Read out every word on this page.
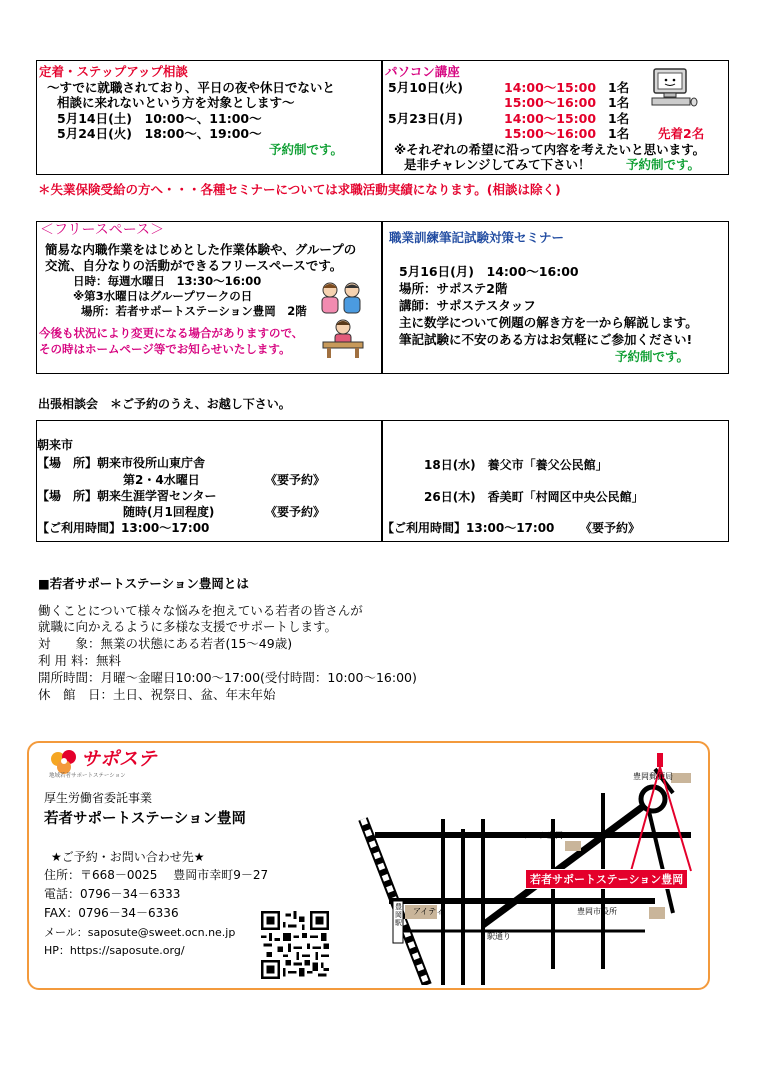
定着・ステップアップ相談
～すでに就職されており、平日の夜や休日でないと
相談に来れないという方を対象とします～
5月14日(土)　10:00～、11:00～
5月24日(火)　18:00～、19:00～
予約制です。
パソコン講座
5月10日(火)	14:00～15:00 1名
15:00～16:00 1名
5月23日(月)	14:00～15:00 1名
15:00～16:00 1名 先着2名
※それぞれの希望に沿って内容を考えたいと思います。
是非チャレンジしてみて下さい！	予約制です。
＊失業保険受給の方へ・・・各種セミナーについては求職活動実績になります。(相談は除く)
＜フリースペース＞
簡易な内職作業をはじめとした作業体験や、グループの
交流、自分なりの活動ができるフリースペースです。
日時：毎週水曜日　13:30～16:00
※第3水曜日はグループワークの日
場所：若者サポートステーション豊岡　2階
今後も状況により変更になる場合がありますので、
その時はホームページ等でお知らせいたします。
職業訓練筆記試験対策セミナー
5月16日(月)　14:00～16:00
場所：サポステ2階
講師：サポステスタッフ
主に数学について例題の解き方を一から解説します。
筆記試験に不安のある方はお気軽にご参加ください!
予約制です。
出張相談会　＊ご予約のうえ、お越し下さい。
朝来市
【場　所】朝来市役所山東庁舎
第2・4水曜日	《要予約》
【場　所】朝来生涯学習センター
随時(月1回程度)	《要予約》
【ご利用時間】13:00～17:00
18日(水)　養父市「養父公民館」
26日(木)　香美町「村岡区中央公民館」
【ご利用時間】13:00～17:00 《要予約》
■若者サポートステーション豊岡とは
働くことについて様々な悩みを抱えている若者の皆さんが
就職に向かえるように多様な支援でサポートします。
対　　象：無業の状態にある若者(15～49歳)
利 用 料：無料
開所時間：月曜～金曜日10:00～17:00(受付時間：10:00～16:00)
休　館　日：土日、祝祭日、盆、年末年始
サポステ
地域若者サポートステーション
厚生労働省委託事業
若者サポートステーション豊岡
★ご予約・お問い合わせ先★
住所：〒668－0025　 豊岡市幸町9－27
電話：0796－34－6333
FAX：0796－34－6336
メール：saposute@sweet.ocn.ne.jp
HP：https://saposute.org/
豊岡郵便局
ハローワーク豊岡
若者サポートステーション豊岡
アイティ	豊岡市役所
豊岡駅
駅通り
